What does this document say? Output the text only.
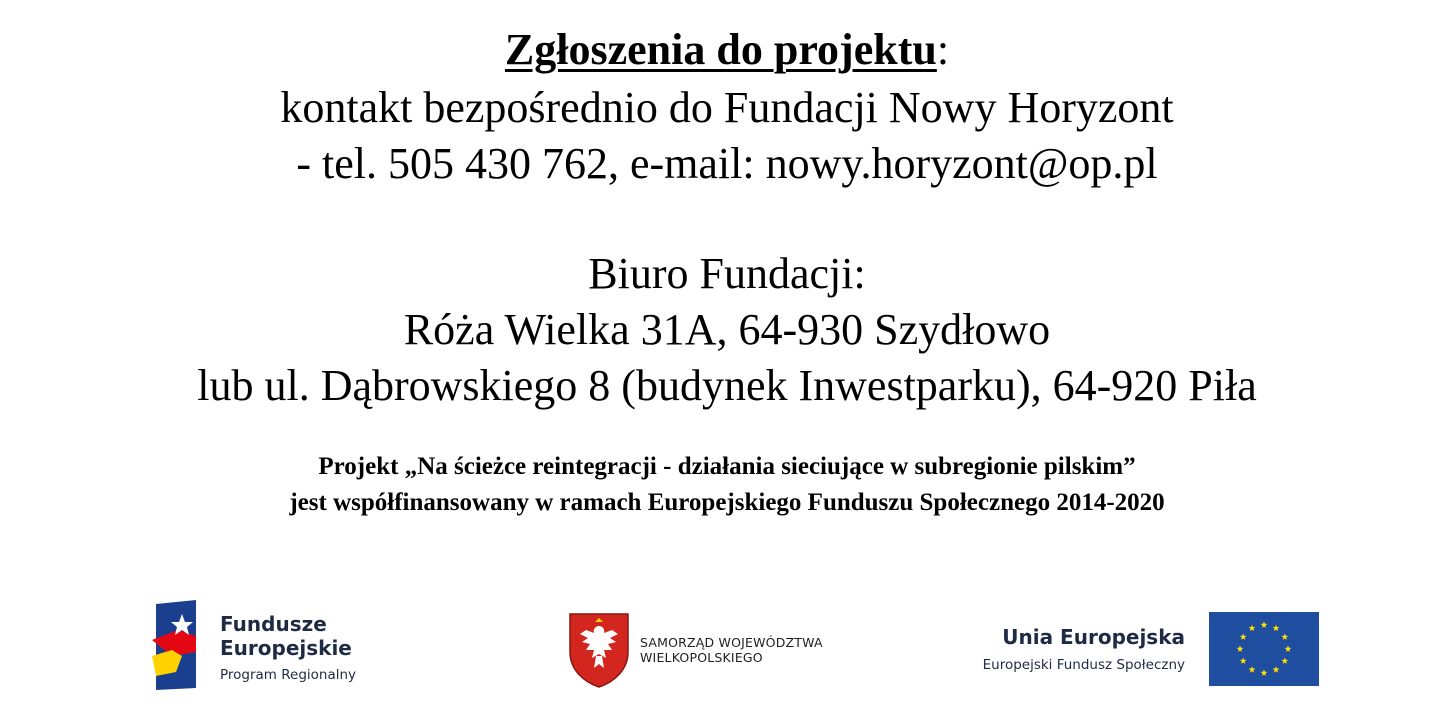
Zgłoszenia do projektu:
kontakt bezpośrednio do Fundacji Nowy Horyzont
- tel. 505 430 762, e-mail: nowy.horyzont@op.pl
Biuro Fundacji:
Róża Wielka 31A, 64-930 Szydłowo
lub ul. Dąbrowskiego 8 (budynek Inwestparku), 64-920 Piła
Projekt „Na ścieżce reintegracji - działania sieciujące w subregionie pilskim”
jest współfinansowany w ramach Europejskiego Funduszu Społecznego 2014-2020
Fundusze
Europejskie
Program Regionalny
SAMORZĄD WOJEWÓDZTWA
WIELKOPOLSKIEGO
Unia Europejska
Europejski Fundusz Społeczny
